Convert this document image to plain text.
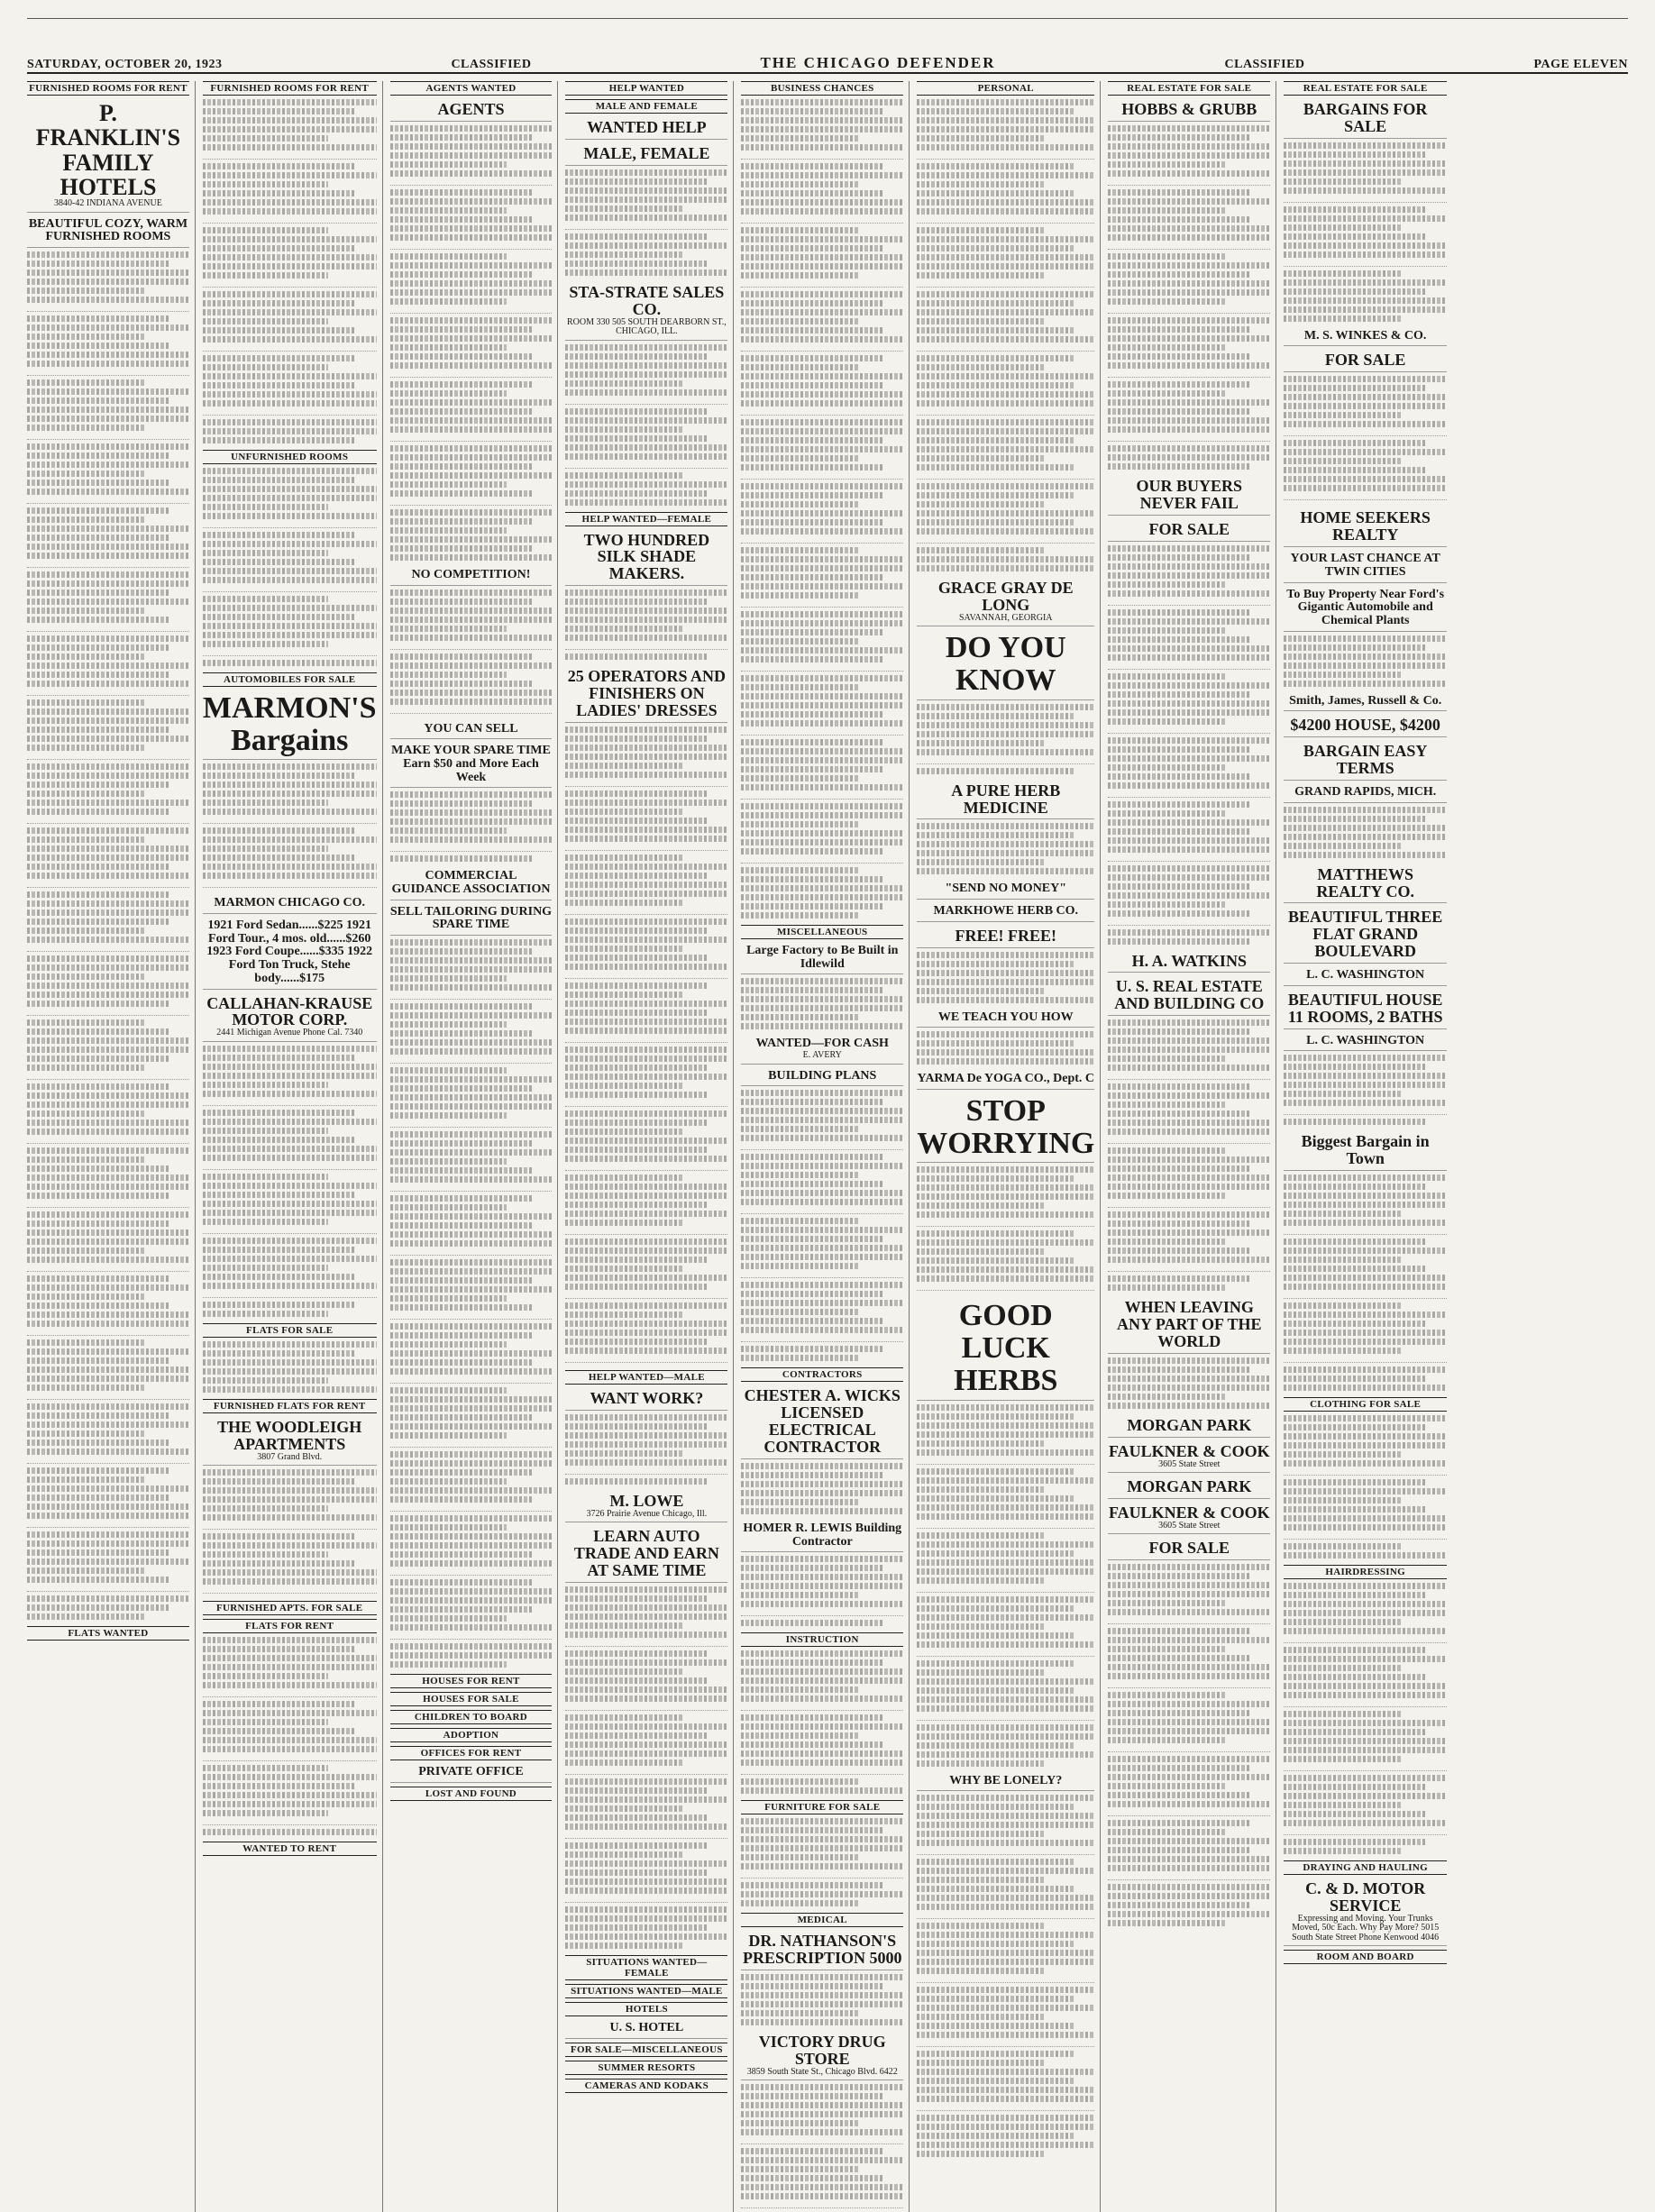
SATURDAY, OCTOBER 20, 1923	CLASSIFIED	THE CHICAGO DEFENDER	CLASSIFIED	PAGE ELEVEN
FURNISHED ROOMS FOR RENT
P. FRANKLIN'S FAMILY HOTELS
3840-42 INDIANA AVENUE
BEAUTIFUL COZY, WARM FURNISHED ROOMS
FLATS WANTED
FURNISHED ROOMS FOR RENT
UNFURNISHED ROOMS
AUTOMOBILES FOR SALE
MARMON'S Bargains
MARMON CHICAGO CO.
1921 Ford Sedan......$225 1921 Ford Tour., 4 mos. old......$260 1923 Ford Coupe......$335 1922 Ford Ton Truck, Stehe body......$175
CALLAHAN-KRAUSE MOTOR CORP.
2441 Michigan Avenue Phone Cal. 7340
FLATS FOR SALE
FURNISHED FLATS FOR RENT
THE WOODLEIGH APARTMENTS
3807 Grand Blvd.
FURNISHED APTS. FOR SALE
FLATS FOR RENT
WANTED TO RENT
AGENTS WANTED
AGENTS
NO COMPETITION!
YOU CAN SELL
MAKE YOUR SPARE TIME Earn $50 and More Each Week
COMMERCIAL GUIDANCE ASSOCIATION
SELL TAILORING DURING SPARE TIME
HOUSES FOR RENT
HOUSES FOR SALE
CHILDREN TO BOARD
ADOPTION
OFFICES FOR RENT
PRIVATE OFFICE
LOST AND FOUND
HELP WANTED
MALE AND FEMALE
WANTED HELP
MALE, FEMALE
STA-STRATE SALES CO.
ROOM 330 505 SOUTH DEARBORN ST., CHICAGO, ILL.
HELP WANTED—FEMALE
TWO HUNDRED SILK SHADE MAKERS.
25 OPERATORS AND FINISHERS ON LADIES' DRESSES
HELP WANTED—MALE
WANT WORK?
M. LOWE
3726 Prairie Avenue Chicago, Ill.
LEARN AUTO TRADE AND EARN AT SAME TIME
SITUATIONS WANTED—FEMALE
SITUATIONS WANTED—MALE
HOTELS
U. S. HOTEL
FOR SALE—MISCELLANEOUS
SUMMER RESORTS
CAMERAS AND KODAKS
BUSINESS CHANCES
MISCELLANEOUS
Large Factory to Be Built in Idlewild
WANTED—FOR CASH
E. AVERY
BUILDING PLANS
CONTRACTORS
CHESTER A. WICKS LICENSED ELECTRICAL CONTRACTOR
HOMER R. LEWIS Building Contractor
INSTRUCTION
FURNITURE FOR SALE
MEDICAL
DR. NATHANSON'S PRESCRIPTION 5000
VICTORY DRUG STORE
3859 South State St., Chicago Blvd. 6422
PERSONAL
GRACE GRAY DE LONG
SAVANNAH, GEORGIA
DO YOU KNOW
A PURE HERB MEDICINE
"SEND NO MONEY"
MARKHOWE HERB CO.
FREE! FREE!
WE TEACH YOU HOW
YARMA De YOGA CO., Dept. C
STOP WORRYING
GOOD LUCK HERBS
WHY BE LONELY?
REAL ESTATE FOR SALE
HOBBS & GRUBB
OUR BUYERS NEVER FAIL
FOR SALE
H. A. WATKINS
U. S. REAL ESTATE AND BUILDING CO
WHEN LEAVING ANY PART OF THE WORLD
MORGAN PARK
FAULKNER & COOK
3605 State Street
MORGAN PARK
FAULKNER & COOK
3605 State Street
FOR SALE
REAL ESTATE FOR SALE
BARGAINS FOR SALE
M. S. WINKES & CO.
FOR SALE
HOME SEEKERS REALTY
YOUR LAST CHANCE AT TWIN CITIES
To Buy Property Near Ford's Gigantic Automobile and Chemical Plants
Smith, James, Russell & Co.
$4200 HOUSE, $4200
BARGAIN EASY TERMS
GRAND RAPIDS, MICH.
MATTHEWS REALTY CO.
BEAUTIFUL THREE FLAT GRAND BOULEVARD
L. C. WASHINGTON
BEAUTIFUL HOUSE 11 ROOMS, 2 BATHS
L. C. WASHINGTON
Biggest Bargain in Town
CLOTHING FOR SALE
HAIRDRESSING
DRAYING AND HAULING
C. & D. MOTOR SERVICE
Expressing and Moving. Your Trunks Moved, 50c Each. Why Pay More? 5015 South State Street Phone Kenwood 4046
ROOM AND BOARD
